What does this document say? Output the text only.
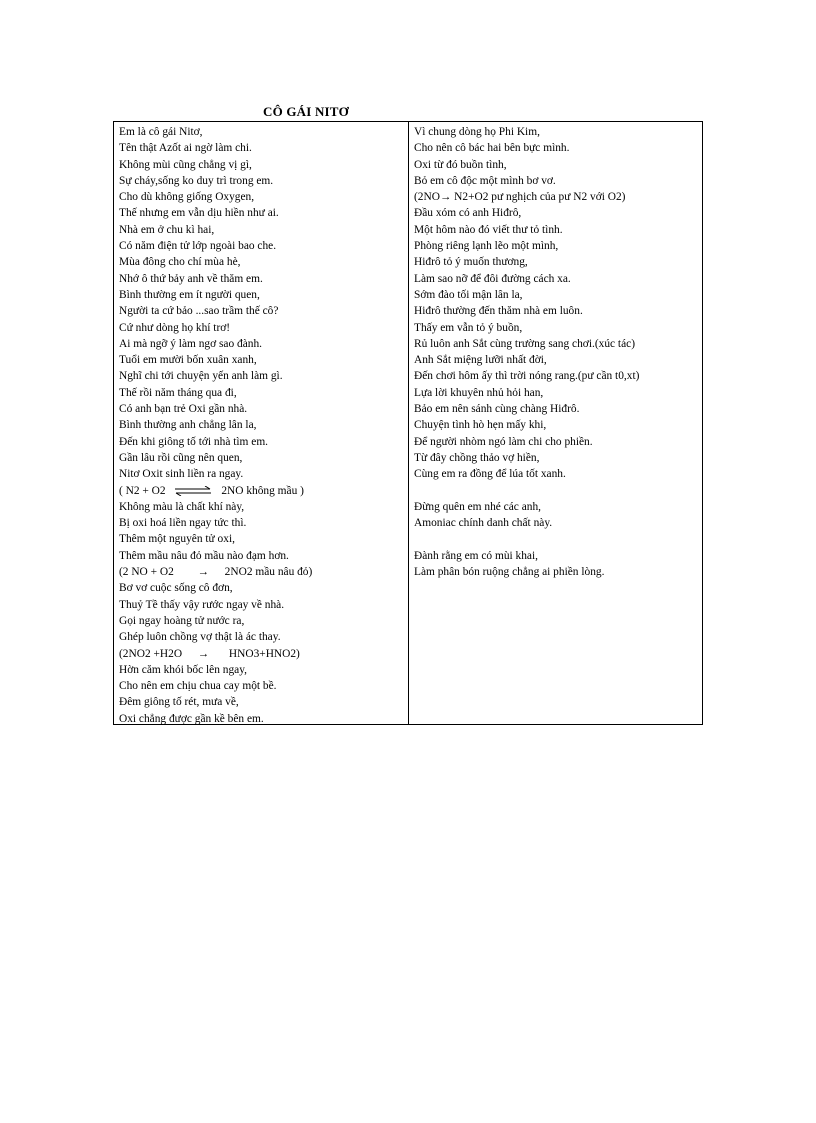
CÔ GÁI NITƠ
Em là cô gái Nitơ,
Tên thật Azốt ai ngờ làm chi.
Không mùi cũng chẳng vị gì,
Sự cháy,sống ko duy trì trong em.
Cho dù không giống Oxygen,
Thế nhưng em vẫn dịu hiền như ai.
Nhà em ở chu kì hai,
Có năm điện tử lớp ngoài bao che.
Mùa đông cho chí mùa hè,
Nhớ ô thứ bảy anh về thăm em.
Bình thường em ít người quen,
Người ta cứ bảo ...sao trầm thế cô?
Cứ như dòng họ khí trơ!
Ai mà ngỡ ý làm ngơ sao đành.
Tuổi em mười bốn xuân xanh,
Nghĩ chi tới chuyện yến anh làm gì.
Thế rồi năm tháng qua đi,
Có anh bạn trẻ Oxi gần nhà.
Bình thường anh chẳng lân la,
Đến khi giông tố tới nhà tìm em.
Gần lâu rồi cũng nên quen,
Nitơ Oxit sinh liền ra ngay.
( N2 + O2 ⇌ 2NO không mầu )
Không màu là chất khí này,
Bị oxi hoá liền ngay tức thì.
Thêm một nguyên tử oxi,
Thêm mầu nâu đỏ mầu nào đạm hơn.
(2 NO + O2 → 2NO2 mầu nâu đỏ)
Bơ vơ cuộc sống cô đơn,
Thuỷ Tề thấy vậy rước ngay về nhà.
Gọi ngay hoàng tử nước ra,
Ghép luôn chồng vợ thật là ác thay.
(2NO2 +H2O → HNO3+HNO2)
Hờn căm khói bốc lên ngay,
Cho nên em chịu chua cay một bề.
Đêm giông tố rét, mưa về,
Oxi chẳng được gần kề bên em.
Vì chung dòng họ Phi Kim,
Cho nên cô bác hai bên bực mình.
Oxi từ đó buồn tình,
Bỏ em cô độc một mình bơ vơ.
(2NO→ N2+O2 pư nghịch của pư N2 với O2)
Đầu xóm có anh Hiđrô,
Một hôm nào đó viết thư tỏ tình.
Phòng riêng lạnh lẽo một mình,
Hiđrô tỏ ý muốn thương,
Làm sao nỡ để đôi đường cách xa.
Sớm đào tối mận lân la,
Hiđrô thường đến thăm nhà em luôn.
Thấy em vẫn tỏ ý buồn,
Rủ luôn anh Sắt cùng trường sang chơi.(xúc tác)
Anh Sắt miệng lưỡi nhất đời,
Đến chơi hôm ấy thì trời nóng rang.(pư cần t0,xt)
Lựa lời khuyên nhủ hỏi han,
Bảo em nên sánh cùng chàng Hiđrô.
Chuyện tình hò hẹn mấy khi,
Để người nhòm ngó làm chi cho phiền.
Từ đây chồng thảo vợ hiền,
Cùng em ra đồng để lúa tốt xanh.
Đừng quên em nhé các anh,
Amoniac chính danh chất này.
Đành rằng em có mùi khai,
Làm phân bón ruộng chẳng ai phiền lòng.
